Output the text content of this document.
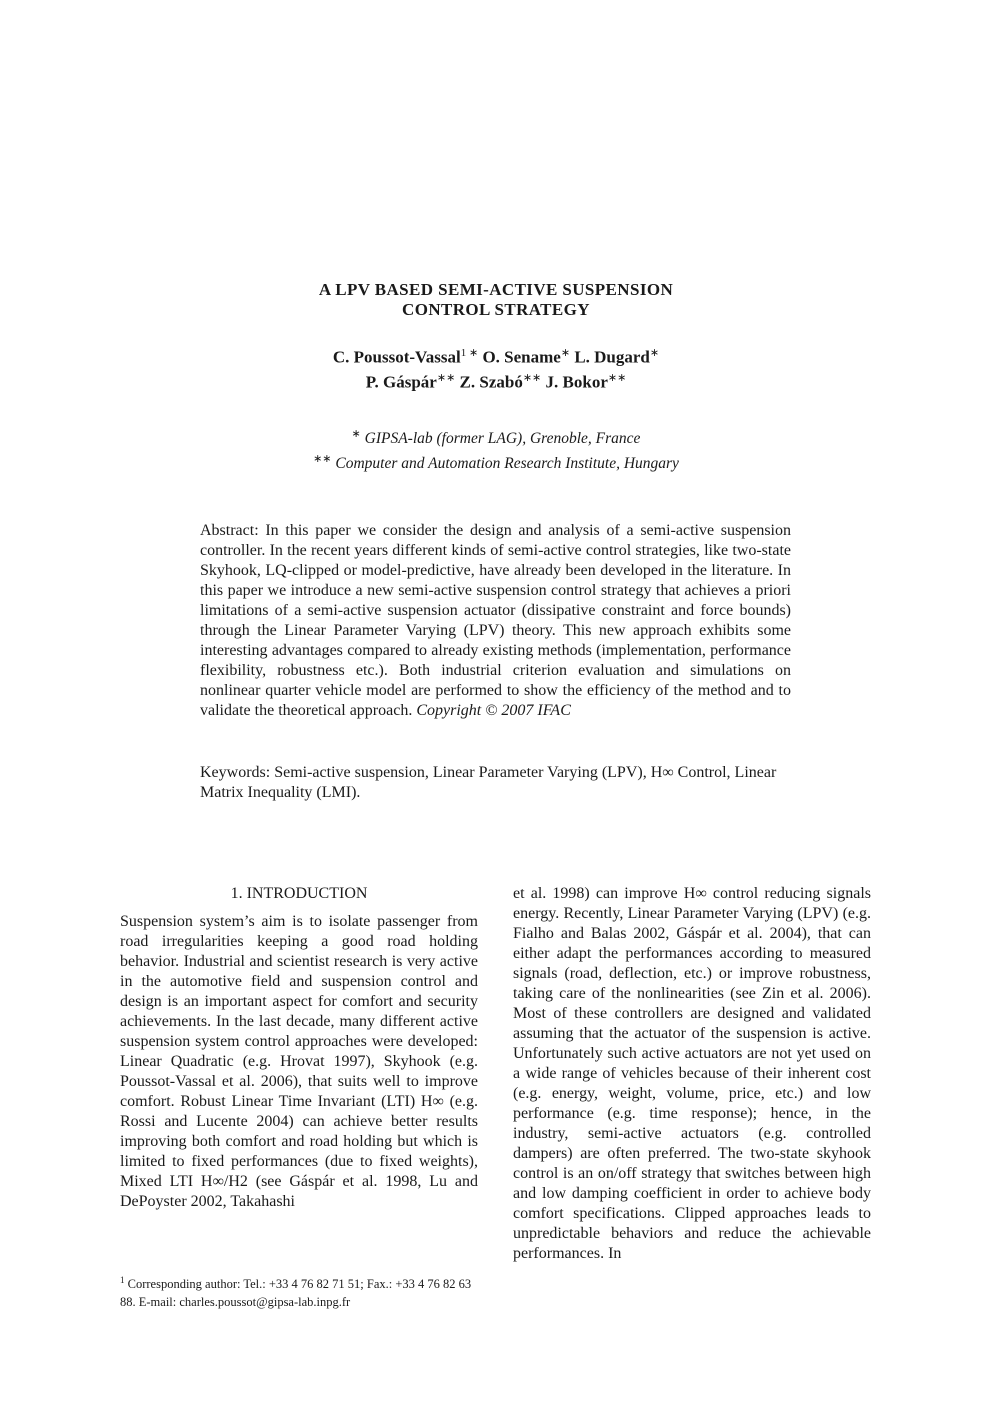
A LPV BASED SEMI-ACTIVE SUSPENSION
CONTROL STRATEGY
C. Poussot-Vassal$^{1 ∗}$ O. Sename∗ L. Dugard∗
P. Gáspár∗∗ Z. Szabó∗∗ J. Bokor∗∗
∗ GIPSA-lab (former LAG), Grenoble, France
∗∗ Computer and Automation Research Institute, Hungary
Abstract: In this paper we consider the design and analysis of a semi-active suspension controller. In the recent years different kinds of semi-active control strategies, like two-state Skyhook, LQ-clipped or model-predictive, have already been developed in the literature. In this paper we introduce a new semi-active suspension control strategy that achieves a priori limitations of a semi-active suspension actuator (dissipative constraint and force bounds) through the Linear Parameter Varying (LPV) theory. This new approach exhibits some interesting advantages compared to already existing methods (implementation, performance flexibility, robustness etc.). Both industrial criterion evaluation and simulations on nonlinear quarter vehicle model are performed to show the efficiency of the method and to validate the theoretical approach. Copyright © 2007 IFAC
Keywords: Semi-active suspension, Linear Parameter Varying (LPV), H∞ Control, Linear Matrix Inequality (LMI).
1. INTRODUCTION

Suspension system’s aim is to isolate passenger from road irregularities keeping a good road holding behavior. Industrial and scientist research is very active in the automotive field and suspension control and design is an important aspect for comfort and security achievements. In the last decade, many different active suspension system control approaches were developed: Linear Quadratic (e.g. Hrovat 1997), Skyhook (e.g. Poussot-Vassal et al. 2006), that suits well to improve comfort. Robust Linear Time Invariant (LTI) H∞ (e.g. Rossi and Lucente 2004) can achieve better results improving both comfort and road holding but which is limited to fixed performances (due to fixed weights), Mixed LTI H∞/H2 (see Gáspár et al. 1998, Lu and DePoyster 2002, Takahashi

et al. 1998) can improve H∞ control reducing signals energy. Recently, Linear Parameter Varying (LPV) (e.g. Fialho and Balas 2002, Gáspár et al. 2004), that can either adapt the performances according to measured signals (road, deflection, etc.) or improve robustness, taking care of the nonlinearities (see Zin et al. 2006). Most of these controllers are designed and validated assuming that the actuator of the suspension is active. Unfortunately such active actuators are not yet used on a wide range of vehicles because of their inherent cost (e.g. energy, weight, volume, price, etc.) and low performance (e.g. time response); hence, in the industry, semi-active actuators (e.g. controlled dampers) are often preferred. The two-state skyhook control is an on/off strategy that switches between high and low damping coefficient in order to achieve body comfort specifications. Clipped approaches leads to unpredictable behaviors and reduce the achievable performances. In

$^1$ Corresponding author: Tel.: +33 4 76 82 71 51; Fax.: +33 4 76 82 63 88. E-mail: charles.poussot@gipsa-lab.inpg.fr
